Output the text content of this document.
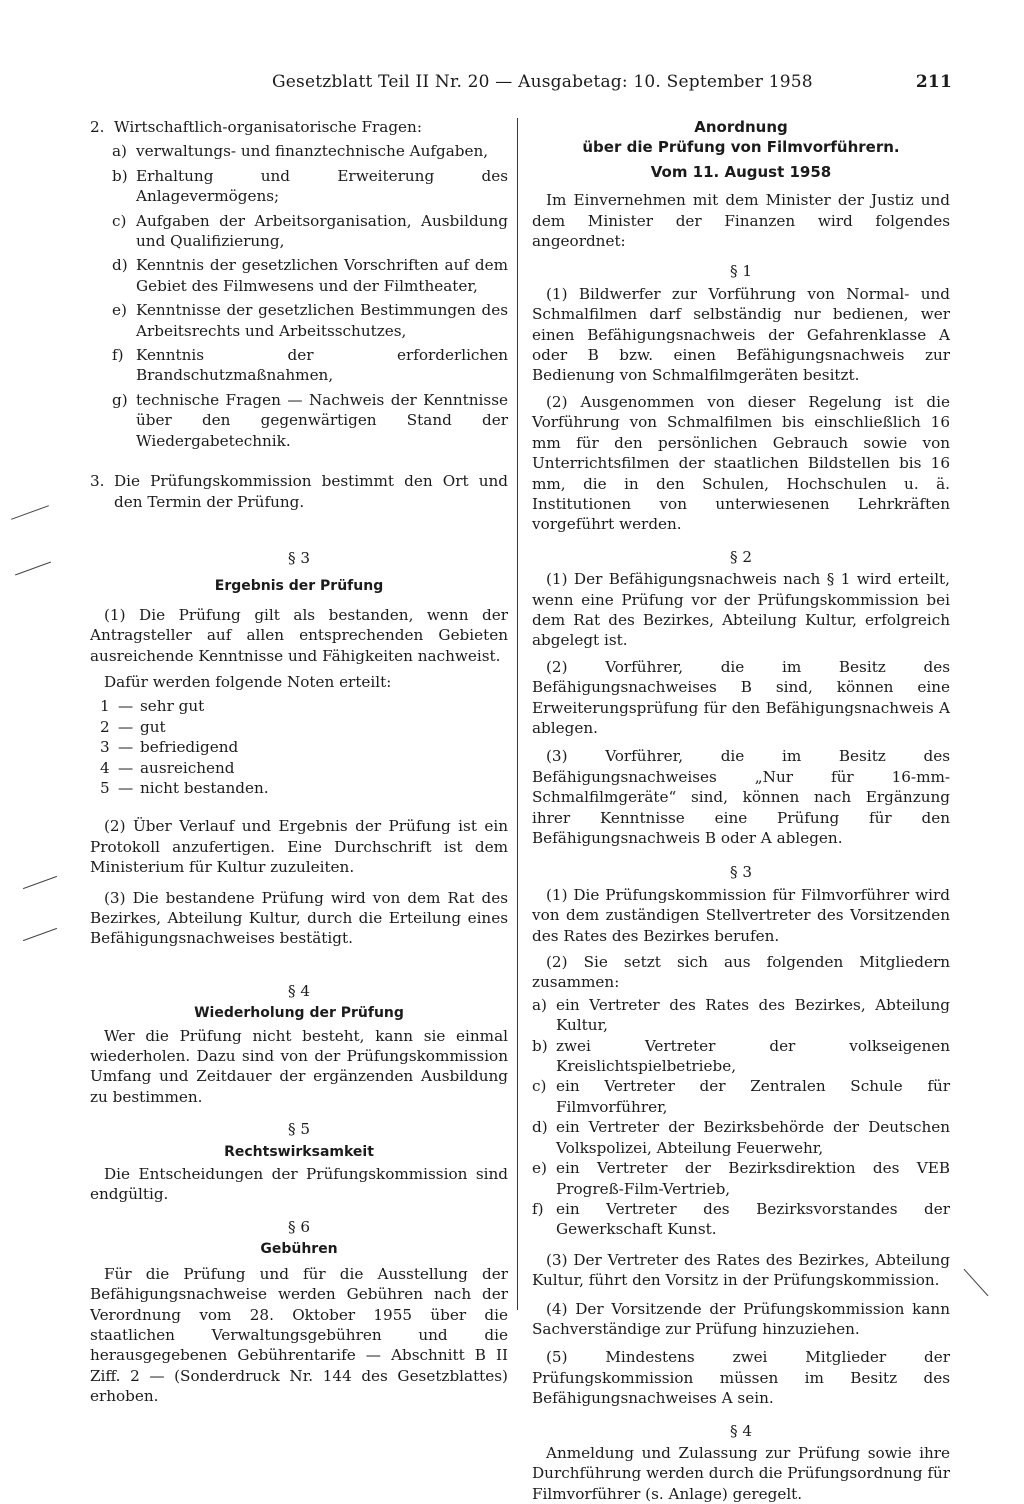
Gesetzblatt Teil II Nr. 20 — Ausgabetag: 10. September 1958	211
2. Wirtschaftlich-organisatorische Fragen:
a) verwaltungs- und finanztechnische Aufgaben,
b) Erhaltung und Erweiterung des Anlagevermögens;
c) Aufgaben der Arbeitsorganisation, Ausbildung und Qualifizierung,
d) Kenntnis der gesetzlichen Vorschriften auf dem Gebiet des Filmwesens und der Filmtheater,
e) Kenntnisse der gesetzlichen Bestimmungen des Arbeitsrechts und Arbeitsschutzes,
f) Kenntnis der erforderlichen Brandschutzmaßnahmen,
g) technische Fragen — Nachweis der Kenntnisse über den gegenwärtigen Stand der Wiedergabetechnik.
3. Die Prüfungskommission bestimmt den Ort und den Termin der Prüfung.
§ 3
Ergebnis der Prüfung

(1) Die Prüfung gilt als bestanden, wenn der Antragsteller auf allen entsprechenden Gebieten ausreichende Kenntnisse und Fähigkeiten nachweist.

Dafür werden folgende Noten erteilt:

1 — sehr gut
2 — gut
3 — befriedigend
4 — ausreichend
5 — nicht bestanden.

(2) Über Verlauf und Ergebnis der Prüfung ist ein Protokoll anzufertigen. Eine Durchschrift ist dem Ministerium für Kultur zuzuleiten.

(3) Die bestandene Prüfung wird von dem Rat des Bezirkes, Abteilung Kultur, durch die Erteilung eines Befähigungsnachweises bestätigt.

§ 4
Wiederholung der Prüfung

Wer die Prüfung nicht besteht, kann sie einmal wiederholen. Dazu sind von der Prüfungskommission Umfang und Zeitdauer der ergänzenden Ausbildung zu bestimmen.

§ 5
Rechtswirksamkeit

Die Entscheidungen der Prüfungskommission sind endgültig.

§ 6
Gebühren

Für die Prüfung und für die Ausstellung der Befähigungsnachweise werden Gebühren nach der Verordnung vom 28. Oktober 1955 über die staatlichen Verwaltungsgebühren und die herausgegebenen Gebührentarife — Abschnitt B II Ziff. 2 — (Sonderdruck Nr. 144 des Gesetzblattes) erhoben.

Anordnung
über die Prüfung von Filmvorführern.
Vom 11. August 1958

Im Einvernehmen mit dem Minister der Justiz und dem Minister der Finanzen wird folgendes angeordnet:

§ 1

(1) Bildwerfer zur Vorführung von Normal- und Schmalfilmen darf selbständig nur bedienen, wer einen Befähigungsnachweis der Gefahrenklasse A oder B bzw. einen Befähigungsnachweis zur Bedienung von Schmalfilmgeräten besitzt.

(2) Ausgenommen von dieser Regelung ist die Vorführung von Schmalfilmen bis einschließlich 16 mm für den persönlichen Gebrauch sowie von Unterrichtsfilmen der staatlichen Bildstellen bis 16 mm, die in den Schulen, Hochschulen u. ä. Institutionen von unterwiesenen Lehrkräften vorgeführt werden.

§ 2

(1) Der Befähigungsnachweis nach § 1 wird erteilt, wenn eine Prüfung vor der Prüfungskommission bei dem Rat des Bezirkes, Abteilung Kultur, erfolgreich abgelegt ist.

(2) Vorführer, die im Besitz des Befähigungsnachweises B sind, können eine Erweiterungsprüfung für den Befähigungsnachweis A ablegen.

(3) Vorführer, die im Besitz des Befähigungsnachweises „Nur für 16-mm-Schmalfilmgeräte“ sind, können nach Ergänzung ihrer Kenntnisse eine Prüfung für den Befähigungsnachweis B oder A ablegen.

§ 3

(1) Die Prüfungskommission für Filmvorführer wird von dem zuständigen Stellvertreter des Vorsitzenden des Rates des Bezirkes berufen.

(2) Sie setzt sich aus folgenden Mitgliedern zusammen:

a) ein Vertreter des Rates des Bezirkes, Abteilung Kultur,
b) zwei Vertreter der volkseigenen Kreislichtspielbetriebe,
c) ein Vertreter der Zentralen Schule für Filmvorführer,
d) ein Vertreter der Bezirksbehörde der Deutschen Volkspolizei, Abteilung Feuerwehr,
e) ein Vertreter der Bezirksdirektion des VEB Progreß-Film-Vertrieb,
f) ein Vertreter des Bezirksvorstandes der Gewerkschaft Kunst.

(3) Der Vertreter des Rates des Bezirkes, Abteilung Kultur, führt den Vorsitz in der Prüfungskommission.

(4) Der Vorsitzende der Prüfungskommission kann Sachverständige zur Prüfung hinzuziehen.

(5) Mindestens zwei Mitglieder der Prüfungskommission müssen im Besitz des Befähigungsnachweises A sein.

§ 4

Anmeldung und Zulassung zur Prüfung sowie ihre Durchführung werden durch die Prüfungsordnung für Filmvorführer (s. Anlage) geregelt.
